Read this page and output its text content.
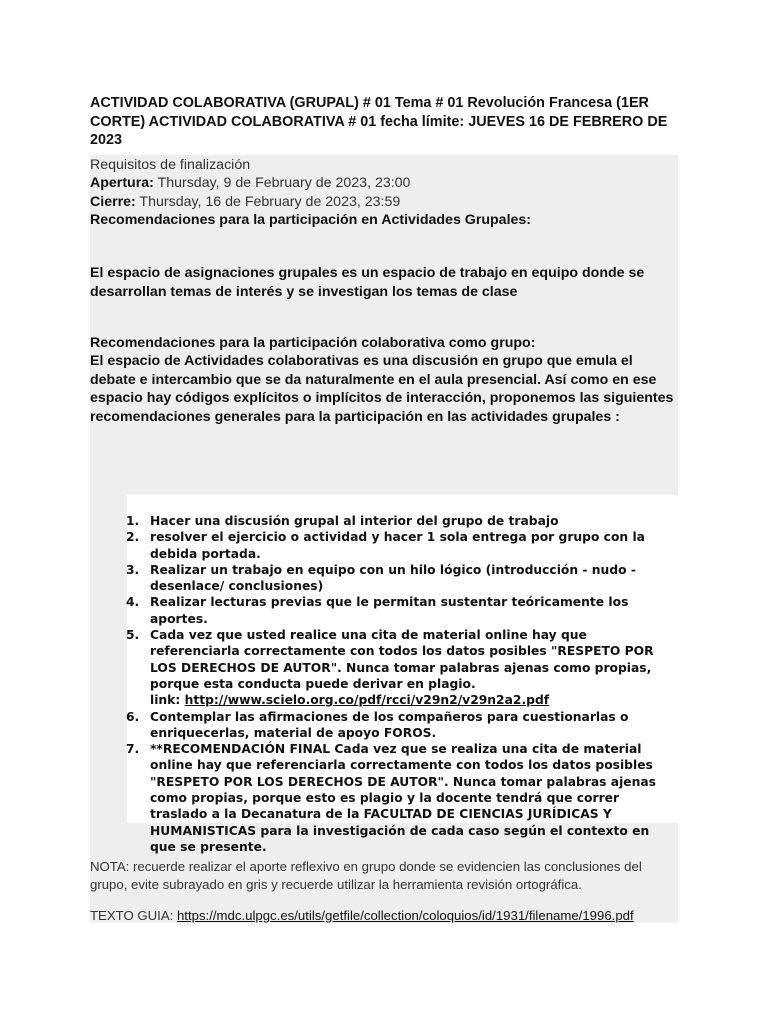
ACTIVIDAD COLABORATIVA (GRUPAL) # 01 Tema # 01 Revolución Francesa (1ER CORTE) ACTIVIDAD COLABORATIVA # 01 fecha límite: JUEVES 16 DE FEBRERO DE 2023
Requisitos de finalización
Apertura: Thursday, 9 de February de 2023, 23:00
Cierre: Thursday, 16 de February de 2023, 23:59
Recomendaciones para la participación en Actividades Grupales:
El espacio de asignaciones grupales es un espacio de trabajo en equipo donde se desarrollan temas de interés y se investigan los temas de clase
Recomendaciones para la participación colaborativa como grupo:
El espacio de Actividades colaborativas es una discusión en grupo que emula el debate e intercambio que se da naturalmente en el aula presencial. Así como en ese espacio hay códigos explícitos o implícitos de interacción, proponemos las siguientes recomendaciones generales para la participación en las actividades grupales :
1. Hacer una discusión grupal al interior del grupo de trabajo
2. resolver el ejercicio o actividad y hacer 1 sola entrega por grupo con la debida portada.
3. Realizar un trabajo en equipo con un hilo lógico (introducción - nudo - desenlace/ conclusiones)
4. Realizar lecturas previas que le permitan sustentar teóricamente los aportes.
5. Cada vez que usted realice una cita de material online hay que referenciarla correctamente con todos los datos posibles "RESPETO POR LOS DERECHOS DE AUTOR". Nunca tomar palabras ajenas como propias, porque esta conducta puede derivar en plagio.
link: http://www.scielo.org.co/pdf/rcci/v29n2/v29n2a2.pdf
6. Contemplar las afirmaciones de los compañeros para cuestionarlas o enriquecerlas, material de apoyo FOROS.
7. **RECOMENDACIÓN FINAL Cada vez que se realiza una cita de material online hay que referenciarla correctamente con todos los datos posibles "RESPETO POR LOS DERECHOS DE AUTOR". Nunca tomar palabras ajenas como propias, porque esto es plagio y la docente tendrá que correr traslado a la Decanatura de la FACULTAD DE CIENCIAS JURÍDICAS Y HUMANISTICAS para la investigación de cada caso según el contexto en que se presente.
NOTA: recuerde realizar el aporte reflexivo en grupo donde se evidencien las conclusiones del grupo, evite subrayado en gris y recuerde utilizar la herramienta revisión ortográfica.
TEXTO GUIA: https://mdc.ulpgc.es/utils/getfile/collection/coloquios/id/1931/filename/1996.pdf
